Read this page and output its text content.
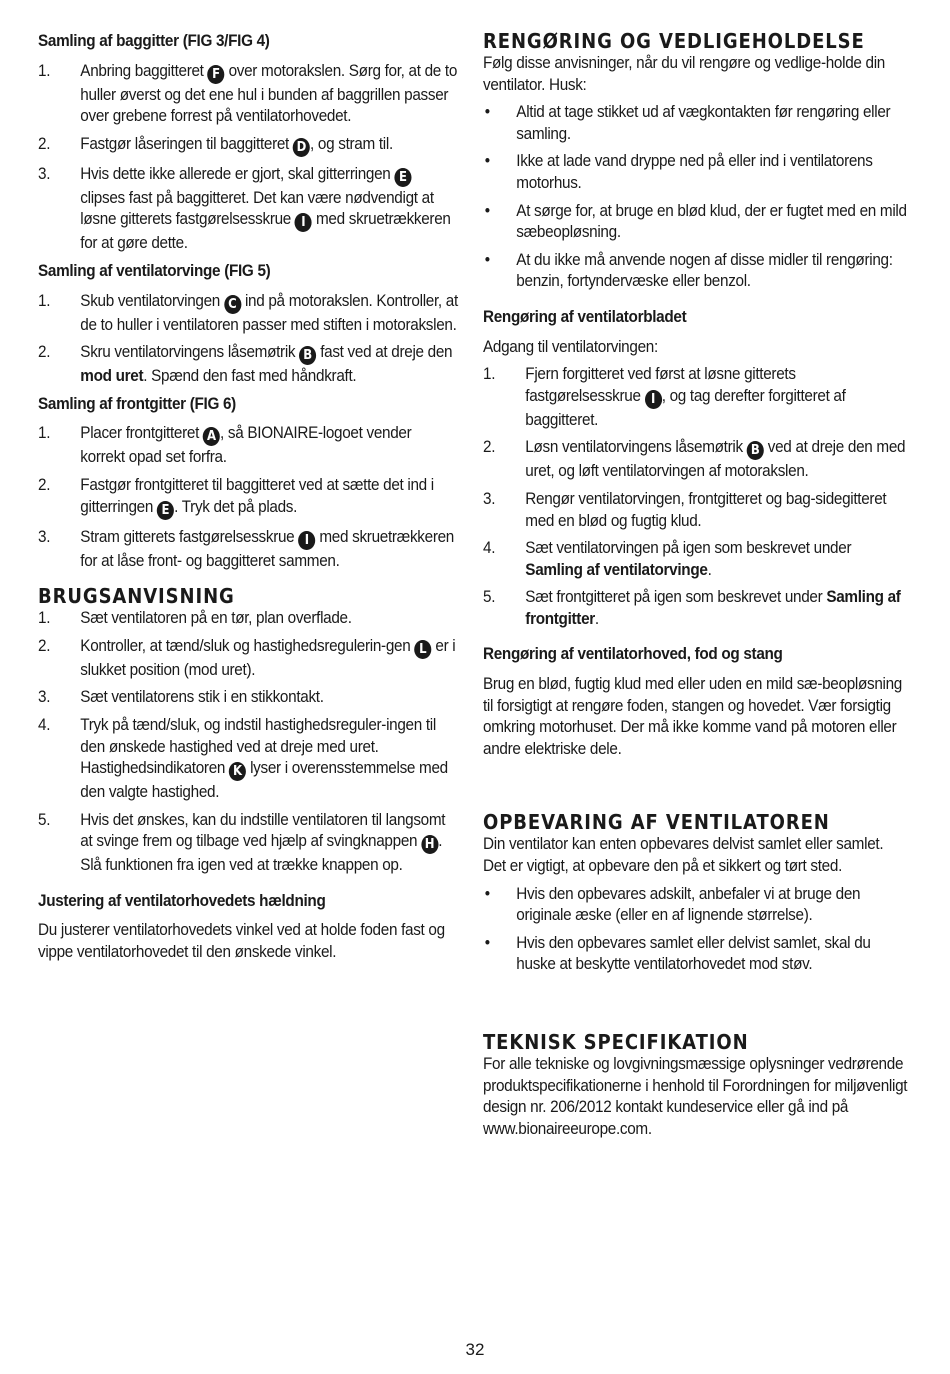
Samling af baggitter (FIG 3/FIG 4)

1.	Anbring baggitteret F over motorakslen. Sørg for, at de to huller øverst og det ene hul i bunden af baggrillen passer over grebene forrest på ventilatorhovedet.
2.	Fastgør låseringen til baggitteret D , og stram til.
3.	Hvis dette ikke allerede er gjort, skal gitterringen E clipses fast på baggitteret. Det kan være nødvendigt at løsne gitterets fastgørelsesskrue I med skruetrækkeren for at gøre dette.

Samling af ventilatorvinge (FIG 5)

1.	Skub ventilatorvingen C ind på motorakslen. Kontroller, at de to huller i ventilatoren passer med stiften i motorakslen.
2.	Skru ventilatorvingens låsemøtrik B fast ved at dreje den mod uret. Spænd den fast med håndkraft.

Samling af frontgitter (FIG 6)

1.	Placer frontgitteret A , så BIONAIRE-logoet vender korrekt opad set forfra.
2.	Fastgør frontgitteret til baggitteret ved at sætte det ind i gitterringen E . Tryk det på plads.
3.	Stram gitterets fastgørelsesskrue I med skruetrækkeren for at låse front- og baggitteret sammen.

BRUGSANVISNING

1.	Sæt ventilatoren på en tør, plan overflade.
2.	Kontroller, at tænd/sluk og hastighedsregulerin-gen L er i slukket position (mod uret).
3.	Sæt ventilatorens stik i en stikkontakt.
4.	Tryk på tænd/sluk, og indstil hastighedsreguler-ingen til den ønskede hastighed ved at dreje med uret. Hastighedsindikatoren K lyser i overensstemmelse med den valgte hastighed.
5.	Hvis det ønskes, kan du indstille ventilatoren til langsomt at svinge frem og tilbage ved hjælp af svingknappen H . Slå funktionen fra igen ved at trække knappen op.

Justering af ventilatorhovedets hældning

Du justerer ventilatorhovedets vinkel ved at holde foden fast og vippe ventilatorhovedet til den ønskede vinkel.

RENGØRING OG VEDLIGEHOLDELSE

Følg disse anvisninger, når du vil rengøre og vedlige-holde din ventilator. Husk:

•	Altid at tage stikket ud af vægkontakten før rengøring eller samling.
•	Ikke at lade vand dryppe ned på eller ind i ventilatorens motorhus.
•	At sørge for, at bruge en blød klud, der er fugtet med en mild sæbeopløsning.
•	At du ikke må anvende nogen af disse midler til rengøring: benzin, fortyndervæske eller benzol.

Rengøring af ventilatorbladet

Adgang til ventilatorvingen:

1.	Fjern forgitteret ved først at løsne gitterets fastgørelsesskrue I , og tag derefter forgitteret af baggitteret.
2.	Løsn ventilatorvingens låsemøtrik B ved at dreje den med uret, og løft ventilatorvingen af motorakslen.
3.	Rengør ventilatorvingen, frontgitteret og bag-sidegitteret med en blød og fugtig klud.
4.	Sæt ventilatorvingen på igen som beskrevet under Samling af ventilatorvinge.
5.	Sæt frontgitteret på igen som beskrevet under Samling af frontgitter.

Rengøring af ventilatorhoved, fod og stang

Brug en blød, fugtig klud med eller uden en mild sæ-beopløsning til forsigtigt at rengøre foden, stangen og hovedet. Vær forsigtig omkring motorhuset. Der må ikke komme vand på motoren eller andre elektriske dele.

OPBEVARING AF VENTILATOREN

Din ventilator kan enten opbevares delvist samlet eller samlet. Det er vigtigt, at opbevare den på et sikkert og tørt sted.

•	Hvis den opbevares adskilt, anbefaler vi at bruge den originale æske (eller en af lignende størrelse).
•	Hvis den opbevares samlet eller delvist samlet, skal du huske at beskytte ventilatorhovedet mod støv.

TEKNISK SPECIFIKATION

For alle tekniske og lovgivningsmæssige oplysninger vedrørende produktspecifikationerne i henhold til Forordningen for miljøvenligt design nr. 206/2012 kontakt kundeservice eller gå ind på www.bionaireeurope.com.

32
